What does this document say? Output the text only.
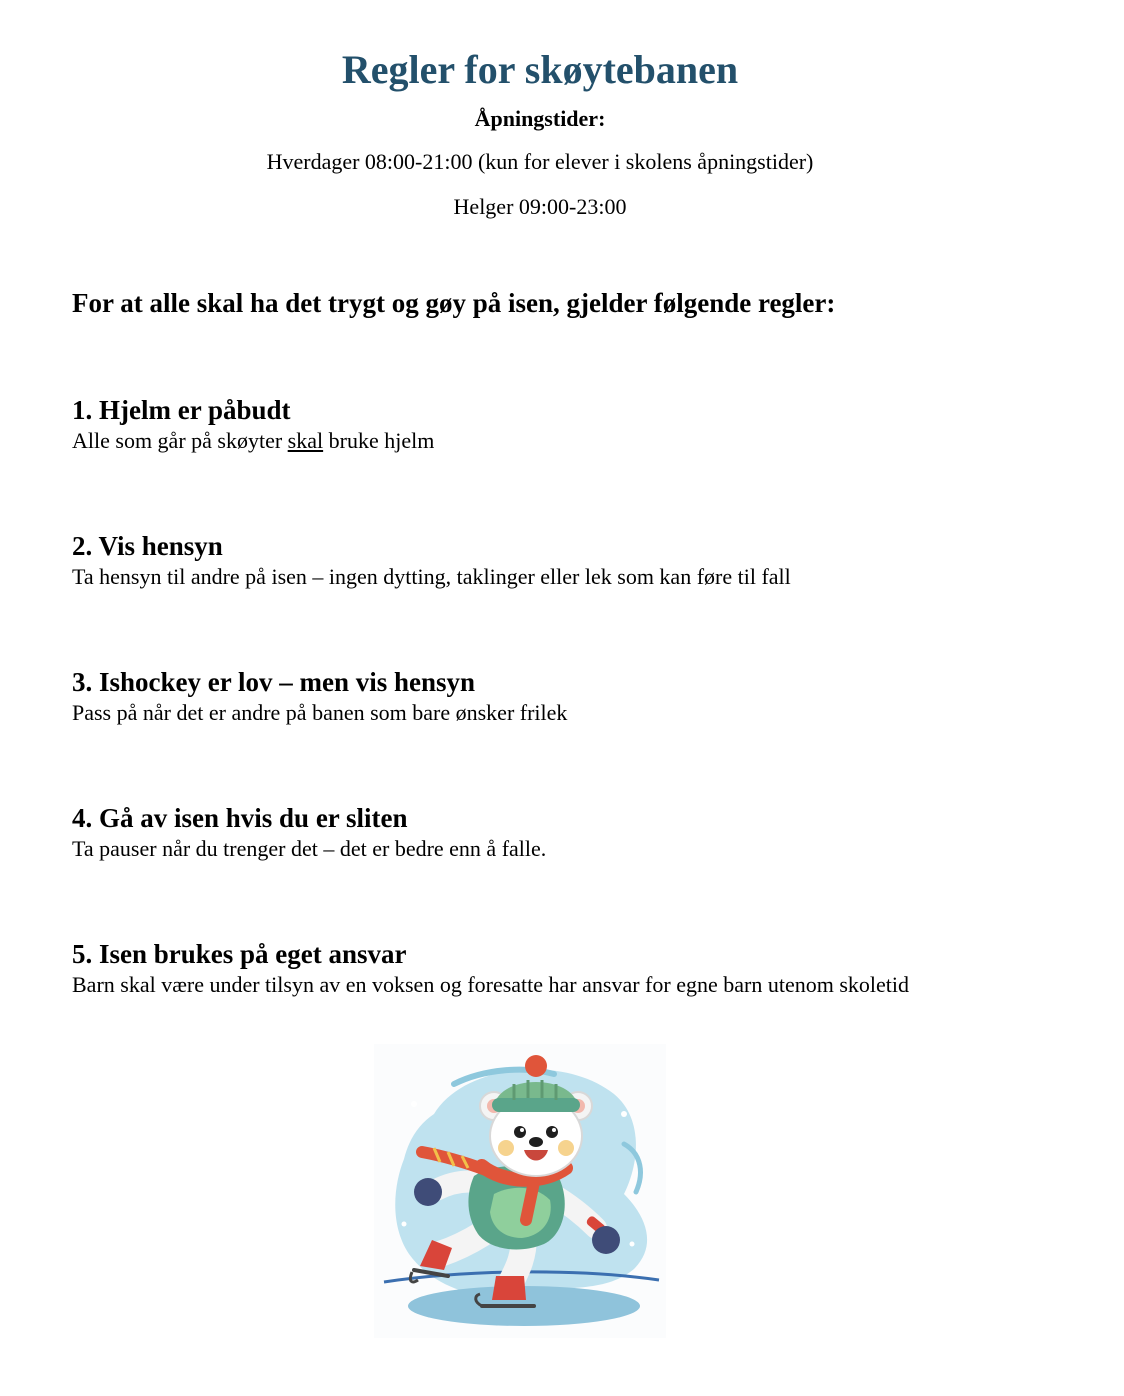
Regler for skøytebanen
Åpningstider:
Hverdager 08:00-21:00 (kun for elever i skolens åpningstider)
Helger 09:00-23:00
For at alle skal ha det trygt og gøy på isen, gjelder følgende regler:
1. Hjelm er påbudt
Alle som går på skøyter skal bruke hjelm
2. Vis hensyn
Ta hensyn til andre på isen – ingen dytting, taklinger eller lek som kan føre til fall
3. Ishockey er lov – men vis hensyn
Pass på når det er andre på banen som bare ønsker frilek
4. Gå av isen hvis du er sliten
Ta pauser når du trenger det – det er bedre enn å falle.
5. Isen brukes på eget ansvar
Barn skal være under tilsyn av en voksen og foresatte har ansvar for egne barn utenom skoletid
